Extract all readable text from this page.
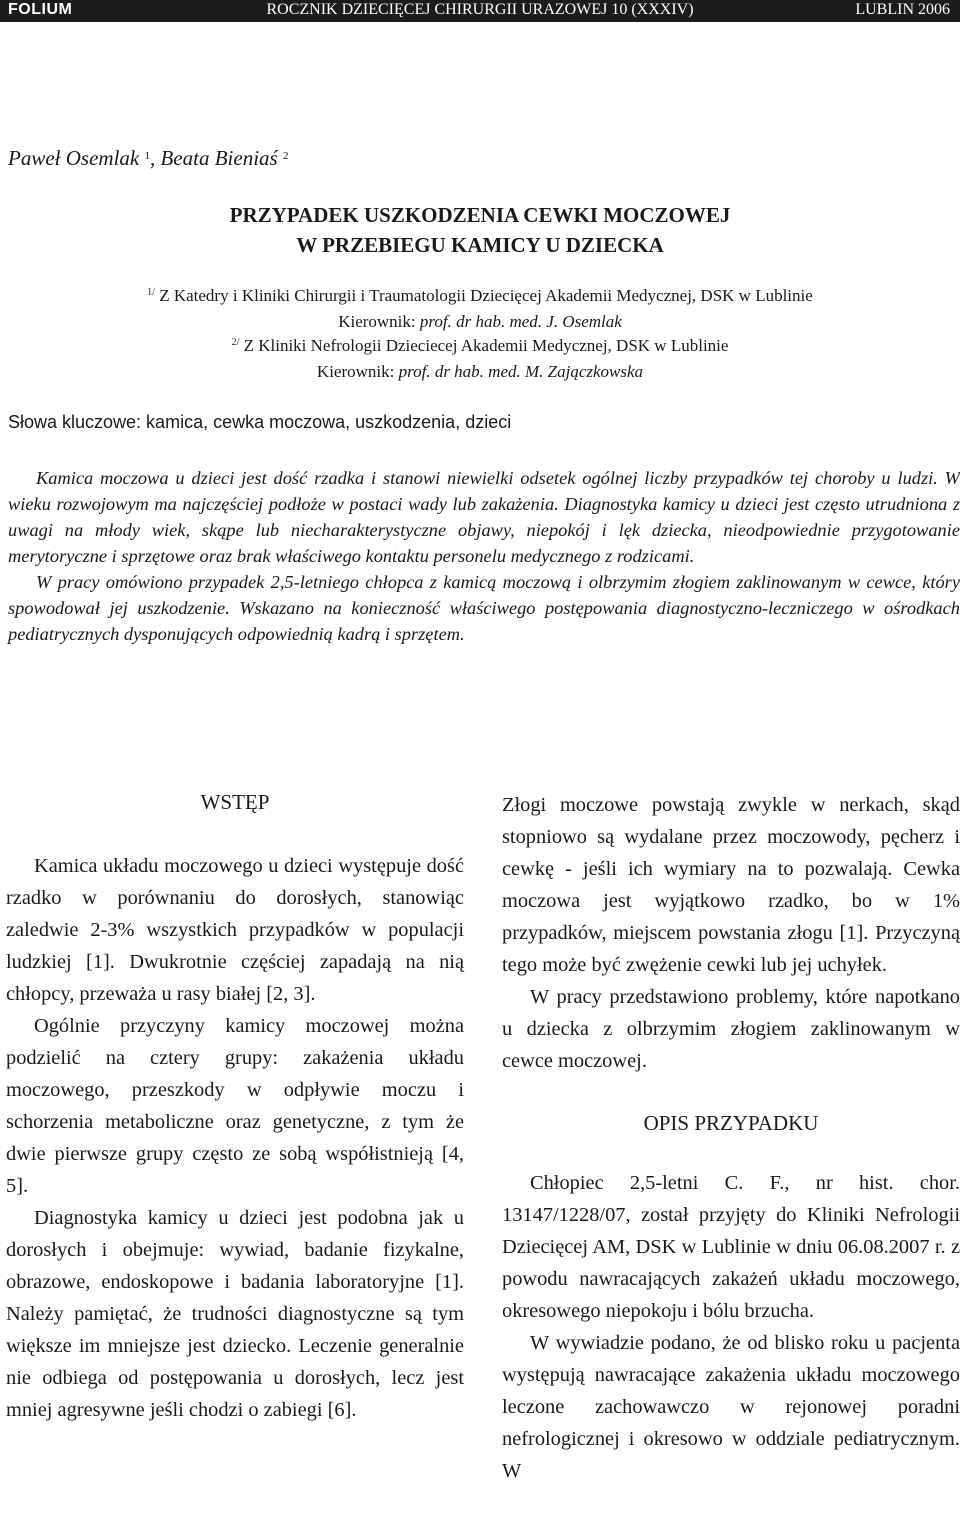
FOLIUM	ROCZNIK DZIECIĘCEJ CHIRURGII URAZOWEJ 10 (XXXIV)	LUBLIN 2006
Paweł Osemlak $^1$, Beata Bieniaś $^2$
PRZYPADEK USZKODZENIA CEWKI MOCZOWEJ
W PRZEBIEGU KAMICY U DZIECKA
$^{1/}$ Z Katedry i Kliniki Chirurgii i Traumatologii Dziecięcej Akademii Medycznej, DSK w Lublinie
Kierownik: prof. dr hab. med. J. Osemlak
$^{2/}$ Z Kliniki Nefrologii Dzieciecej Akademii Medycznej, DSK w Lublinie
Kierownik: prof. dr hab. med. M. Zajączkowska
Słowa kluczowe: kamica, cewka moczowa, uszkodzenia, dzieci

Kamica moczowa u dzieci jest dość rzadka i stanowi niewielki odsetek ogólnej liczby przypadków tej choroby u ludzi. W wieku rozwojowym ma najczęściej podłoże w postaci wady lub zakażenia. Diagnostyka kamicy u dzieci jest często utrudniona z uwagi na młody wiek, skąpe lub niecharakterystyczne objawy, niepokój i lęk dziecka, nieodpowiednie przygotowanie merytoryczne i sprzętowe oraz brak właściwego kontaktu personelu medycznego z rodzicami.

W pracy omówiono przypadek 2,5-letniego chłopca z kamicą moczową i olbrzymim złogiem zaklinowanym w cewce, który spowodował jej uszkodzenie. Wskazano na konieczność właściwego postępowania diagnostyczno-leczniczego w ośrodkach pediatrycznych dysponujących odpowiednią kadrą i sprzętem.

WSTĘP

Kamica układu moczowego u dzieci występuje dość rzadko w porównaniu do dorosłych, stanowiąc zaledwie 2-3% wszystkich przypadków w populacji ludzkiej [1]. Dwukrotnie częściej zapadają na nią chłopcy, przeważa u rasy białej [2, 3].

Ogólnie przyczyny kamicy moczowej można podzielić na cztery grupy: zakażenia układu moczowego, przeszkody w odpływie moczu i schorzenia metaboliczne oraz genetyczne, z tym że dwie pierwsze grupy często ze sobą współistnieją [4, 5].

Diagnostyka kamicy u dzieci jest podobna jak u dorosłych i obejmuje: wywiad, badanie fizykalne, obrazowe, endoskopowe i badania laboratoryjne [1]. Należy pamiętać, że trudności diagnostyczne są tym większe im mniejsze jest dziecko. Leczenie generalnie nie odbiega od postępowania u dorosłych, lecz jest mniej agresywne jeśli chodzi o zabiegi [6].

Złogi moczowe powstają zwykle w nerkach, skąd stopniowo są wydalane przez moczowody, pęcherz i cewkę - jeśli ich wymiary na to pozwalają. Cewka moczowa jest wyjątkowo rzadko, bo w 1% przypadków, miejscem powstania złogu [1]. Przyczyną tego może być zwężenie cewki lub jej uchyłek.

W pracy przedstawiono problemy, które napotkano u dziecka z olbrzymim złogiem zaklinowanym w cewce moczowej.

OPIS PRZYPADKU

Chłopiec 2,5-letni C. F., nr hist. chor. 13147/1228/07, został przyjęty do Kliniki Nefrologii Dziecięcej AM, DSK w Lublinie w dniu 06.08.2007 r. z powodu nawracających zakażeń układu moczowego, okresowego niepokoju i bólu brzucha.

W wywiadzie podano, że od blisko roku u pacjenta występują nawracające zakażenia układu moczowego leczone zachowawczo w rejonowej poradni nefrologicznej i okresowo w oddziale pediatrycznym. W
